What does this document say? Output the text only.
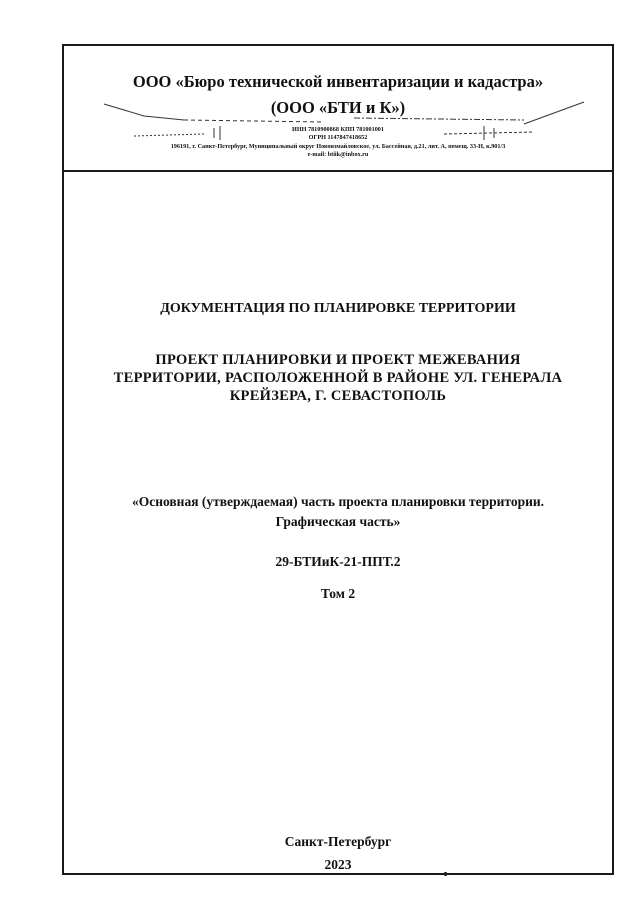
ООО «Бюро технической инвентаризации и кадастра»
(ООО «БТИ и К»)
ИНН 7810900868 КПП 781001001
ОГРН 1147847418652
196191, г. Санкт-Петербург, Муниципальный округ Новоизмайловское, ул. Бассейная, д.21, лит. А, помещ. 33-Н, к.901/3
e-mail: btiik@inbox.ru
ДОКУМЕНТАЦИЯ ПО ПЛАНИРОВКЕ ТЕРРИТОРИИ
ПРОЕКТ ПЛАНИРОВКИ И ПРОЕКТ МЕЖЕВАНИЯ ТЕРРИТОРИИ, РАСПОЛОЖЕННОЙ В РАЙОНЕ УЛ. ГЕНЕРАЛА КРЕЙЗЕРА, Г. СЕВАСТОПОЛЬ
«Основная (утверждаемая) часть проекта планировки территории.
Графическая часть»
29-БТИиК-21-ППТ.2
Том 2
Санкт-Петербург
2023
